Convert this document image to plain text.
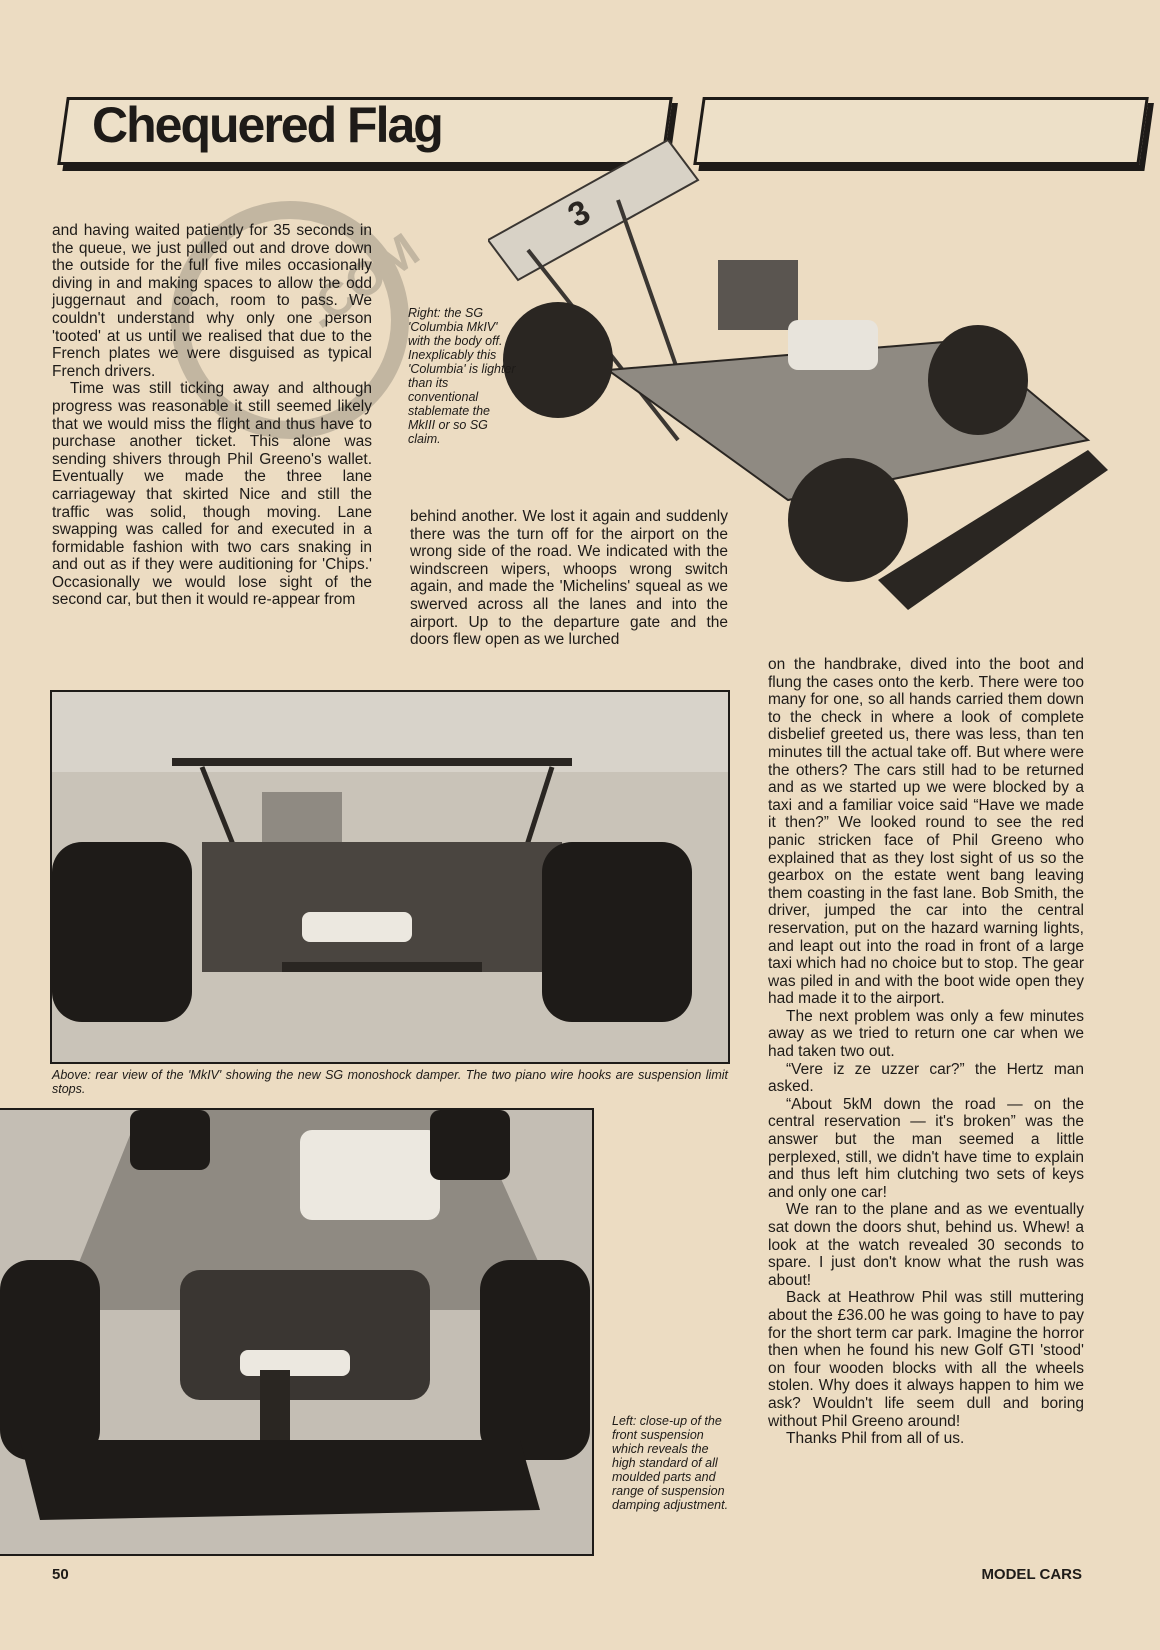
Chequered Flag
3
.COM

and having waited patiently for 35 seconds in the queue, we just pulled out and drove down the outside for the full five miles occasionally diving in and making spaces to allow the odd juggernaut and coach, room to pass. We couldn't understand why only one person 'tooted' at us until we realised that due to the French plates we were disguised as typical French drivers.

Time was still ticking away and although progress was reasonable it still seemed likely that we would miss the flight and thus have to purchase another ticket. This alone was sending shivers through Phil Greeno's wallet. Eventually we made the three lane carriageway that skirted Nice and still the traffic was solid, though moving. Lane swapping was called for and executed in a formidable fashion with two cars snaking in and out as if they were auditioning for 'Chips.' Occasionally we would lose sight of the second car, but then it would re-appear from

Right: the SG 'Columbia MkIV' with the body off. Inexplicably this 'Columbia' is lighter than its conventional stablemate the MkIII or so SG claim.

behind another. We lost it again and suddenly there was the turn off for the airport on the wrong side of the road. We indicated with the windscreen wipers, whoops wrong switch again, and made the 'Michelins' squeal as we swerved across all the lanes and into the airport. Up to the departure gate and the doors flew open as we lurched

Above: rear view of the 'MkIV' showing the new SG monoshock damper. The two piano wire hooks are suspension limit stops.
Left: close-up of the front suspension which reveals the high standard of all moulded parts and range of suspension damping adjustment.

on the handbrake, dived into the boot and flung the cases onto the kerb. There were too many for one, so all hands carried them down to the check in where a look of complete disbelief greeted us, there was less, than ten minutes till the actual take off. But where were the others? The cars still had to be returned and as we started up we were blocked by a taxi and a familiar voice said “Have we made it then?” We looked round to see the red panic stricken face of Phil Greeno who explained that as they lost sight of us so the gearbox on the estate went bang leaving them coasting in the fast lane. Bob Smith, the driver, jumped the car into the central reservation, put on the hazard warning lights, and leapt out into the road in front of a large taxi which had no choice but to stop. The gear was piled in and with the boot wide open they had made it to the airport.

The next problem was only a few minutes away as we tried to return one car when we had taken two out.

“Vere iz ze uzzer car?” the Hertz man asked.

“About 5kM down the road — on the central reservation — it's broken” was the answer but the man seemed a little perplexed, still, we didn't have time to explain and thus left him clutching two sets of keys and only one car!

We ran to the plane and as we eventually sat down the doors shut, behind us. Whew! a look at the watch revealed 30 seconds to spare. I just don't know what the rush was about!

Back at Heathrow Phil was still muttering about the £36.00 he was going to have to pay for the short term car park. Imagine the horror then when he found his new Golf GTI 'stood' on four wooden blocks with all the wheels stolen. Why does it always happen to him we ask? Wouldn't life seem dull and boring without Phil Greeno around!

Thanks Phil from all of us.

50	MODEL CARS
